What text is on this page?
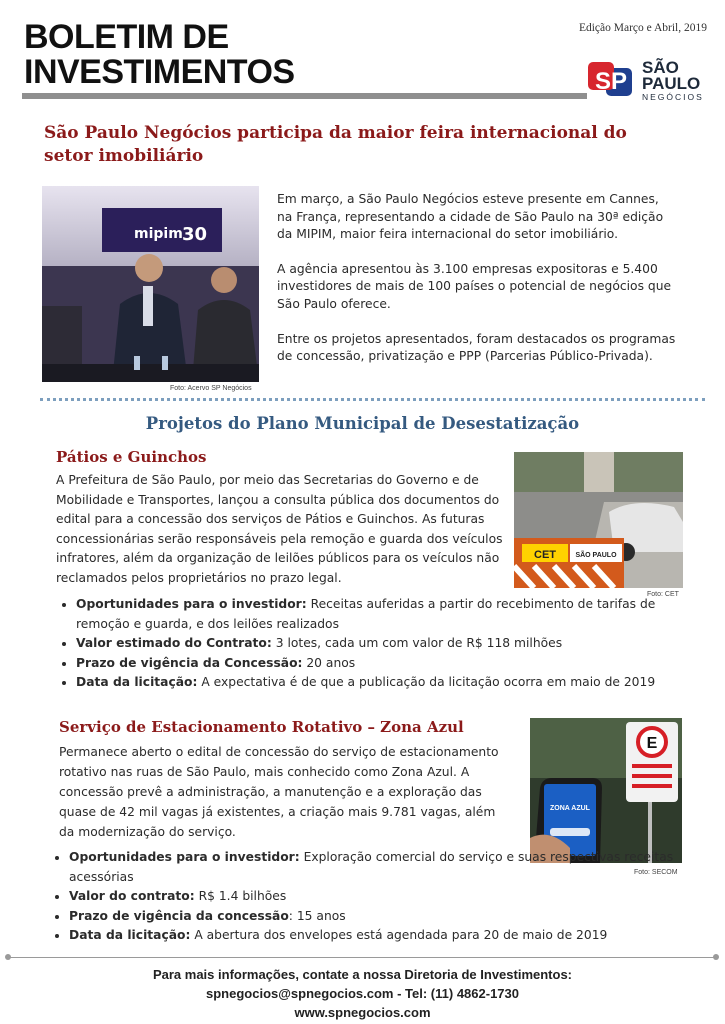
BOLETIM DE
INVESTIMENTOS
Edição Março e Abril, 2019
SP
SÃO
PAULO
NEGÓCIOS
São Paulo Negócios participa da maior feira internacional do setor imobiliário
mipim 30
Foto: Acervo SP Negócios

Em março, a São Paulo Negócios esteve presente em Cannes, na França, representando a cidade de São Paulo na 30ª edição da MIPIM, maior feira internacional do setor imobiliário.

A agência apresentou às 3.100 empresas expositoras e 5.400 investidores de mais de 100 países o potencial de negócios que São Paulo oferece.

Entre os projetos apresentados, foram destacados os programas de concessão, privatização e PPP (Parcerias Público-Privada).

Projetos do Plano Municipal de Desestatização
Pátios e Guinchos
A Prefeitura de São Paulo, por meio das Secretarias do Governo e de Mobilidade e Transportes, lançou a consulta pública dos documentos do edital para a concessão dos serviços de Pátios e Guinchos. As futuras concessionárias serão responsáveis pela remoção e guarda dos veículos infratores, além da organização de leilões públicos para os veículos não reclamados pelos proprietários no prazo legal.
CET	SÃO PAULO
Foto: CET
• Oportunidades para o investidor: Receitas auferidas a partir do recebimento de tarifas de remoção e guarda, e dos leilões realizados
• Valor estimado do Contrato: 3 lotes, cada um com valor de R$ 118 milhões
• Prazo de vigência da Concessão: 20 anos
• Data da licitação: A expectativa é de que a publicação da licitação ocorra em maio de 2019
Serviço de Estacionamento Rotativo – Zona Azul
Permanece aberto o edital de concessão do serviço de estacionamento rotativo nas ruas de São Paulo, mais conhecido como Zona Azul. A concessão prevê a administração, a manutenção e a exploração das quase de 42 mil vagas já existentes, a criação mais 9.781 vagas, além da modernização do serviço.
E
ZONA AZUL
Foto: SECOM
• Oportunidades para o investidor: Exploração comercial do serviço e suas respectivas receitas acessórias
• Valor do contrato: R$ 1.4 bilhões
• Prazo de vigência da concessão: 15 anos
• Data da licitação: A abertura dos envelopes está agendada para 20 de maio de 2019
Para mais informações, contate a nossa Diretoria de Investimentos:
spnegocios@spnegocios.com - Tel: (11) 4862-1730
www.spnegocios.com
